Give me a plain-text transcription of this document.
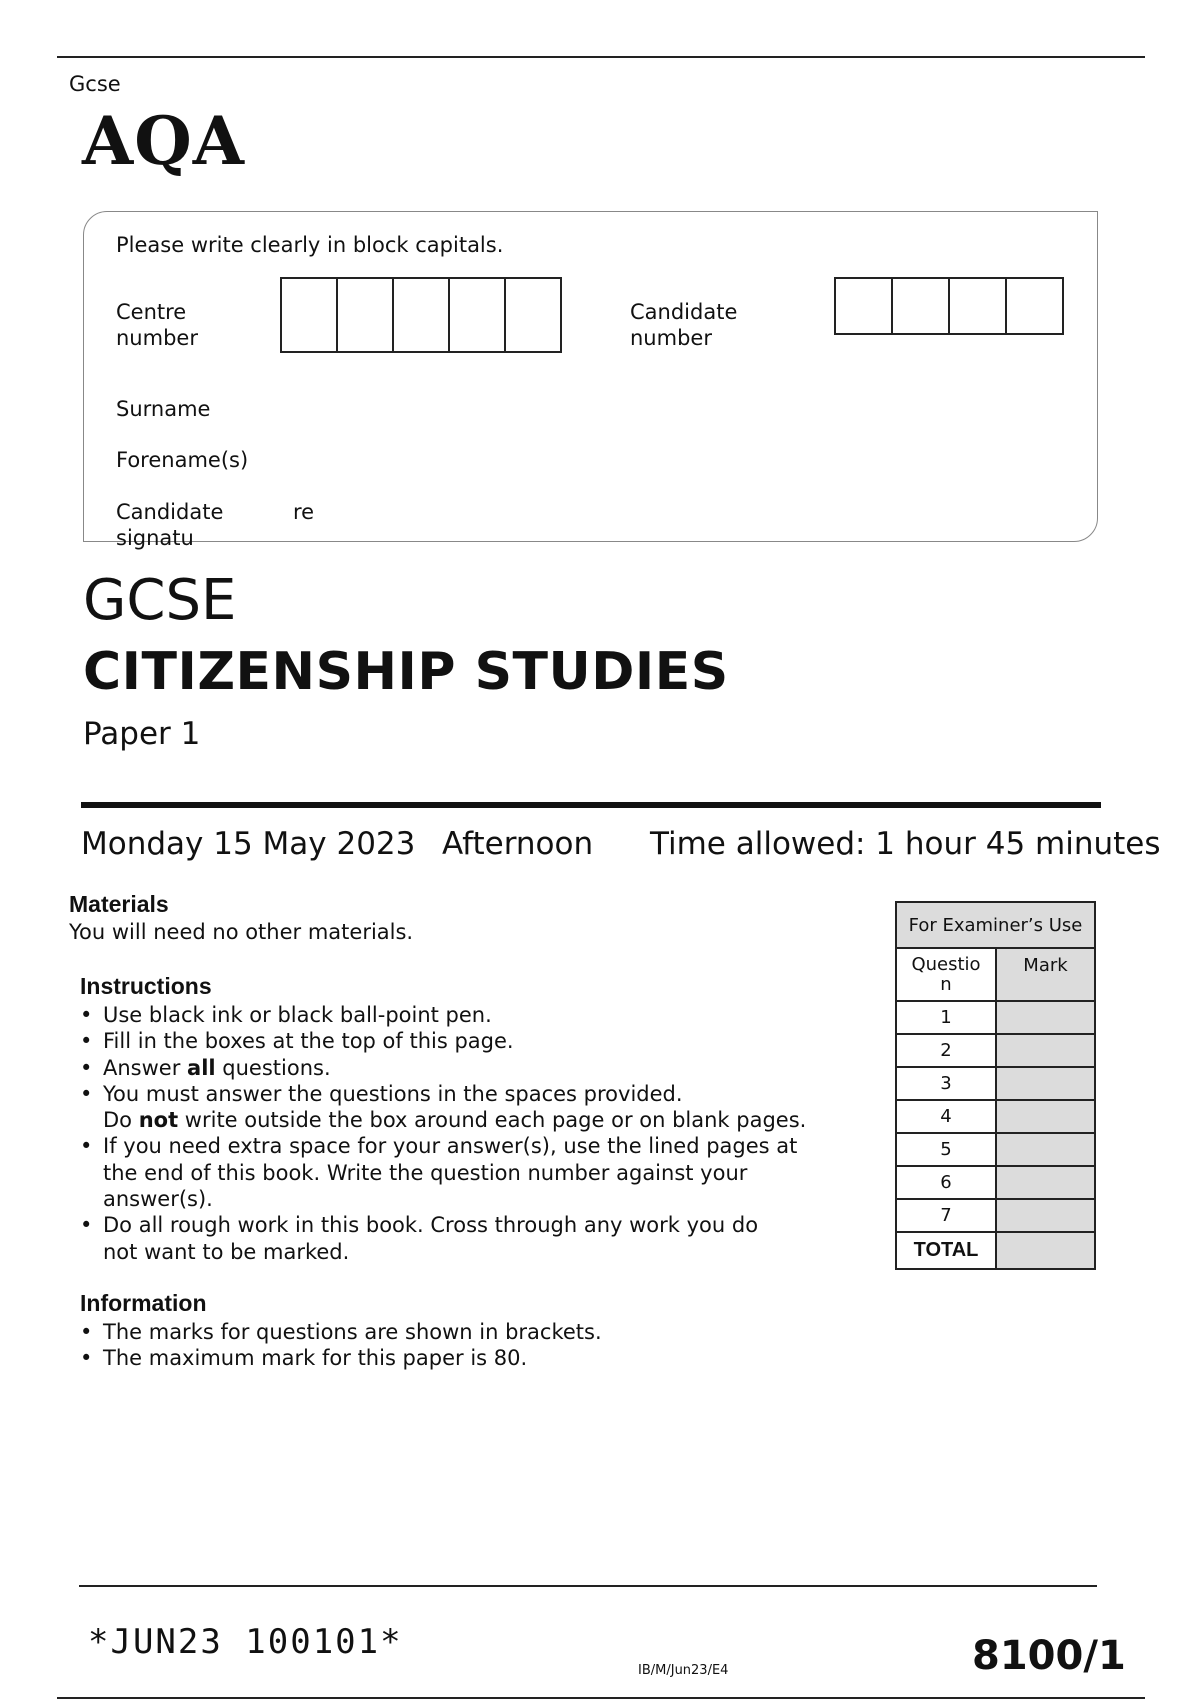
Gcse
AQA
Please write clearly in block capitals.
Centre
number
Candidate
number
Surname
Forename(s)
Candidate
signatu
re
GCSE
CITIZENSHIP STUDIES
Paper 1
Monday 15 May 2023 Afternoon Time allowed: 1 hour 45 minutes
Materials
You will need no other materials.
Instructions
• Use black ink or black ball-point pen.
• Fill in the boxes at the top of this page.
• Answer all questions.
• You must answer the questions in the spaces provided.
Do not write outside the box around each page or on blank pages.
• If you need extra space for your answer(s), use the lined pages at
the end of this book. Write the question number against your
answer(s).
• Do all rough work in this book. Cross through any work you do
not want to be marked.
Information
• The marks for questions are shown in brackets.
• The maximum mark for this paper is 80.
For Examiner’s Use	

Questio
n	Mark
1	
2	
3	
4	
5	
6	
7	
TOTAL	
*JUN23 100101*
IB/M/Jun23/E4	8100/1
